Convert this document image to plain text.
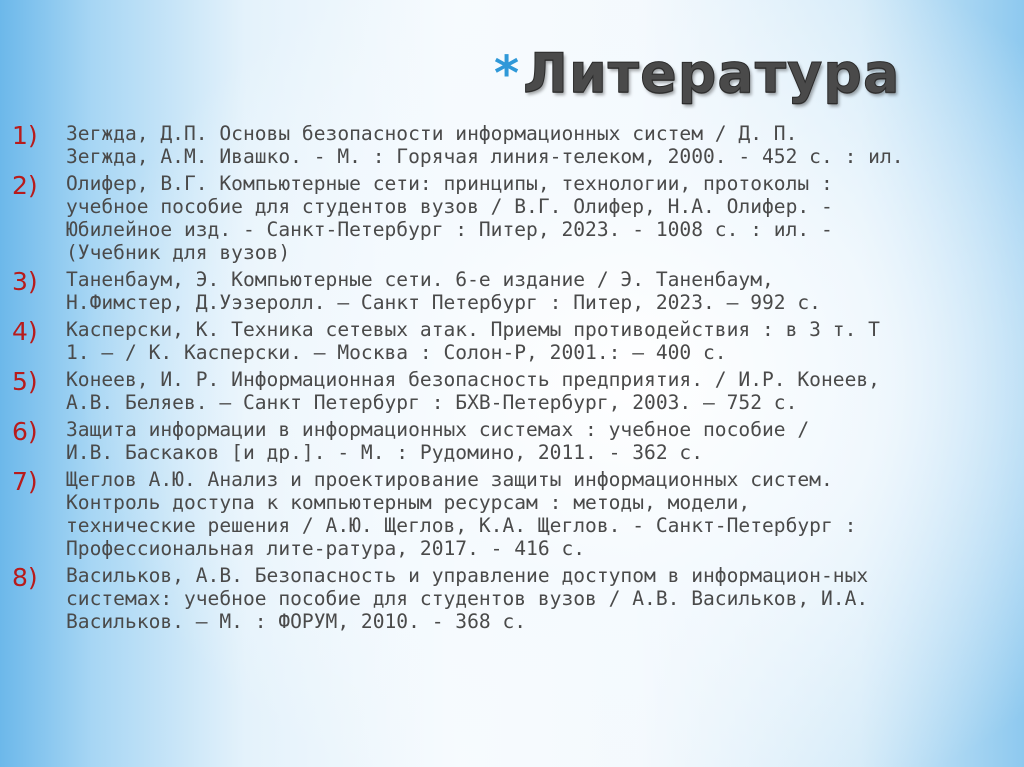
* Литература
1)	Зегжда, Д.П. Основы безопасности информационных систем / Д. П.
Зегжда, А.М. Ивашко. - М. : Горячая линия-телеком, 2000. - 452 с. : ил.
2)	Олифер, В.Г. Компьютерные сети: принципы, технологии, протоколы :
учебное пособие для студентов вузов / В.Г. Олифер, Н.А. Олифер. -
Юбилейное изд. - Санкт-Петербург : Питер, 2023. - 1008 с. : ил. -
(Учебник для вузов)
3)	Таненбаум, Э. Компьютерные сети. 6-е издание / Э. Таненбаум,
Н.Фимстер, Д.Уэзеролл. – Санкт Петербург : Питер, 2023. – 992 с.
4)	Касперски, К. Техника сетевых атак. Приемы противодействия : в 3 т. Т
1. – / К. Касперски. – Москва : Солон-Р, 2001.: – 400 с.
5)	Конеев, И. Р. Информационная безопасность предприятия. / И.Р. Конеев,
А.В. Беляев. — Санкт Петербург : БХВ-Петербург, 2003. – 752 с.
6)	Защита информации в информационных системах : учебное пособие /
И.В. Баскаков [и др.]. - М. : Рудомино, 2011. - 362 с.
7)	Щеглов А.Ю. Анализ и проектирование защиты информационных систем.
Контроль доступа к компьютерным ресурсам : методы, модели,
технические решения / А.Ю. Щеглов, К.А. Щеглов. - Санкт-Петербург :
Профессиональная лите-ратура, 2017. - 416 с.
8)	Васильков, А.В. Безопасность и управление доступом в информацион-ных
системах: учебное пособие для студентов вузов / А.В. Васильков, И.А.
Васильков. – М. : ФОРУМ, 2010. - 368 с.
